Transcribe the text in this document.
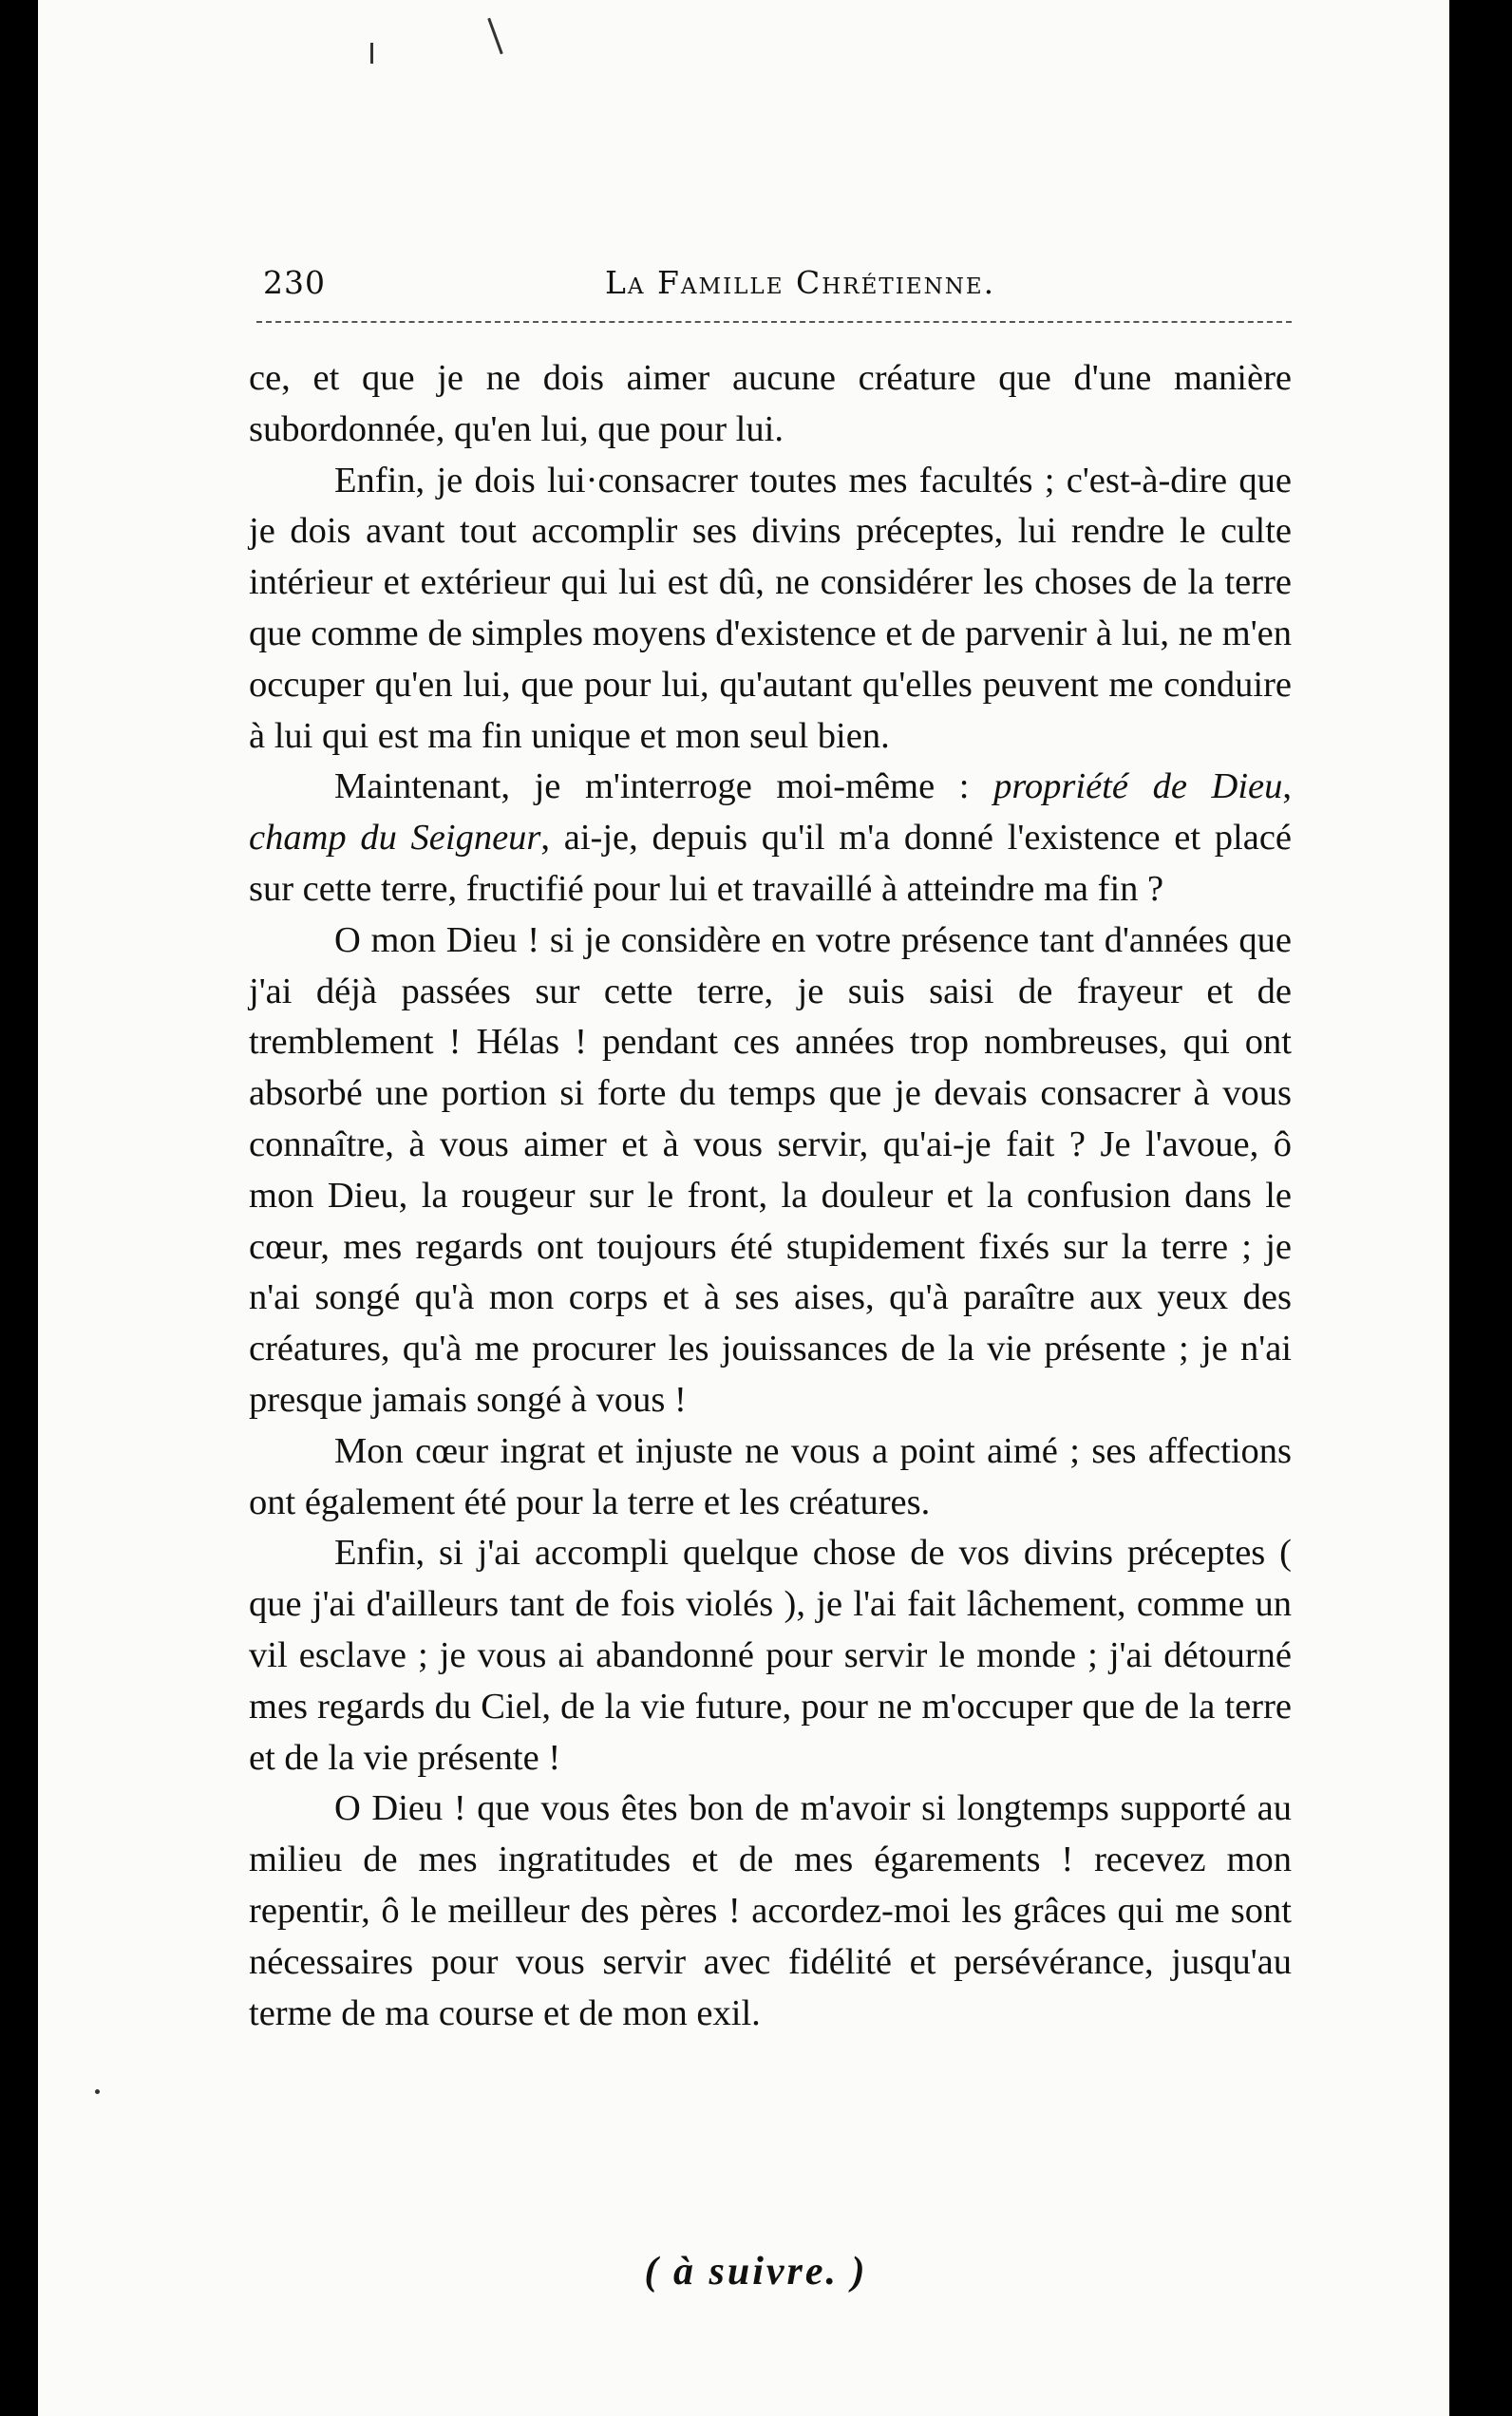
230	La Famille Chrétienne.

ce, et que je ne dois aimer aucune créature que d'une manière subordonnée, qu'en lui, que pour lui.

Enfin, je dois lui·consacrer toutes mes facultés ; c'est-à-dire que je dois avant tout accomplir ses divins préceptes, lui rendre le culte intérieur et extérieur qui lui est dû, ne considérer les choses de la terre que comme de simples moyens d'existence et de parvenir à lui, ne m'en occuper qu'en lui, que pour lui, qu'autant qu'elles peuvent me conduire à lui qui est ma fin unique et mon seul bien.

Maintenant, je m'interroge moi-même : propriété de Dieu, champ du Seigneur, ai-je, depuis qu'il m'a donné l'existence et placé sur cette terre, fructifié pour lui et travaillé à atteindre ma fin ?

O mon Dieu ! si je considère en votre présence tant d'années que j'ai déjà passées sur cette terre, je suis saisi de frayeur et de tremblement ! Hélas ! pendant ces années trop nombreuses, qui ont absorbé une portion si forte du temps que je devais consacrer à vous connaître, à vous aimer et à vous servir, qu'ai-je fait ? Je l'avoue, ô mon Dieu, la rougeur sur le front, la douleur et la confusion dans le cœur, mes regards ont toujours été stupidement fixés sur la terre ; je n'ai songé qu'à mon corps et à ses aises, qu'à paraître aux yeux des créatures, qu'à me procurer les jouissances de la vie présente ; je n'ai presque jamais songé à vous !

Mon cœur ingrat et injuste ne vous a point aimé ; ses affections ont également été pour la terre et les créatures.

Enfin, si j'ai accompli quelque chose de vos divins préceptes ( que j'ai d'ailleurs tant de fois violés ), je l'ai fait lâchement, comme un vil esclave ; je vous ai abandonné pour servir le monde ; j'ai détourné mes regards du Ciel, de la vie future, pour ne m'occuper que de la terre et de la vie présente !

O Dieu ! que vous êtes bon de m'avoir si longtemps supporté au milieu de mes ingratitudes et de mes égarements ! recevez mon repentir, ô le meilleur des pères ! accordez-moi les grâces qui me sont nécessaires pour vous servir avec fidélité et persévérance, jusqu'au terme de ma course et de mon exil.

( à suivre. )
